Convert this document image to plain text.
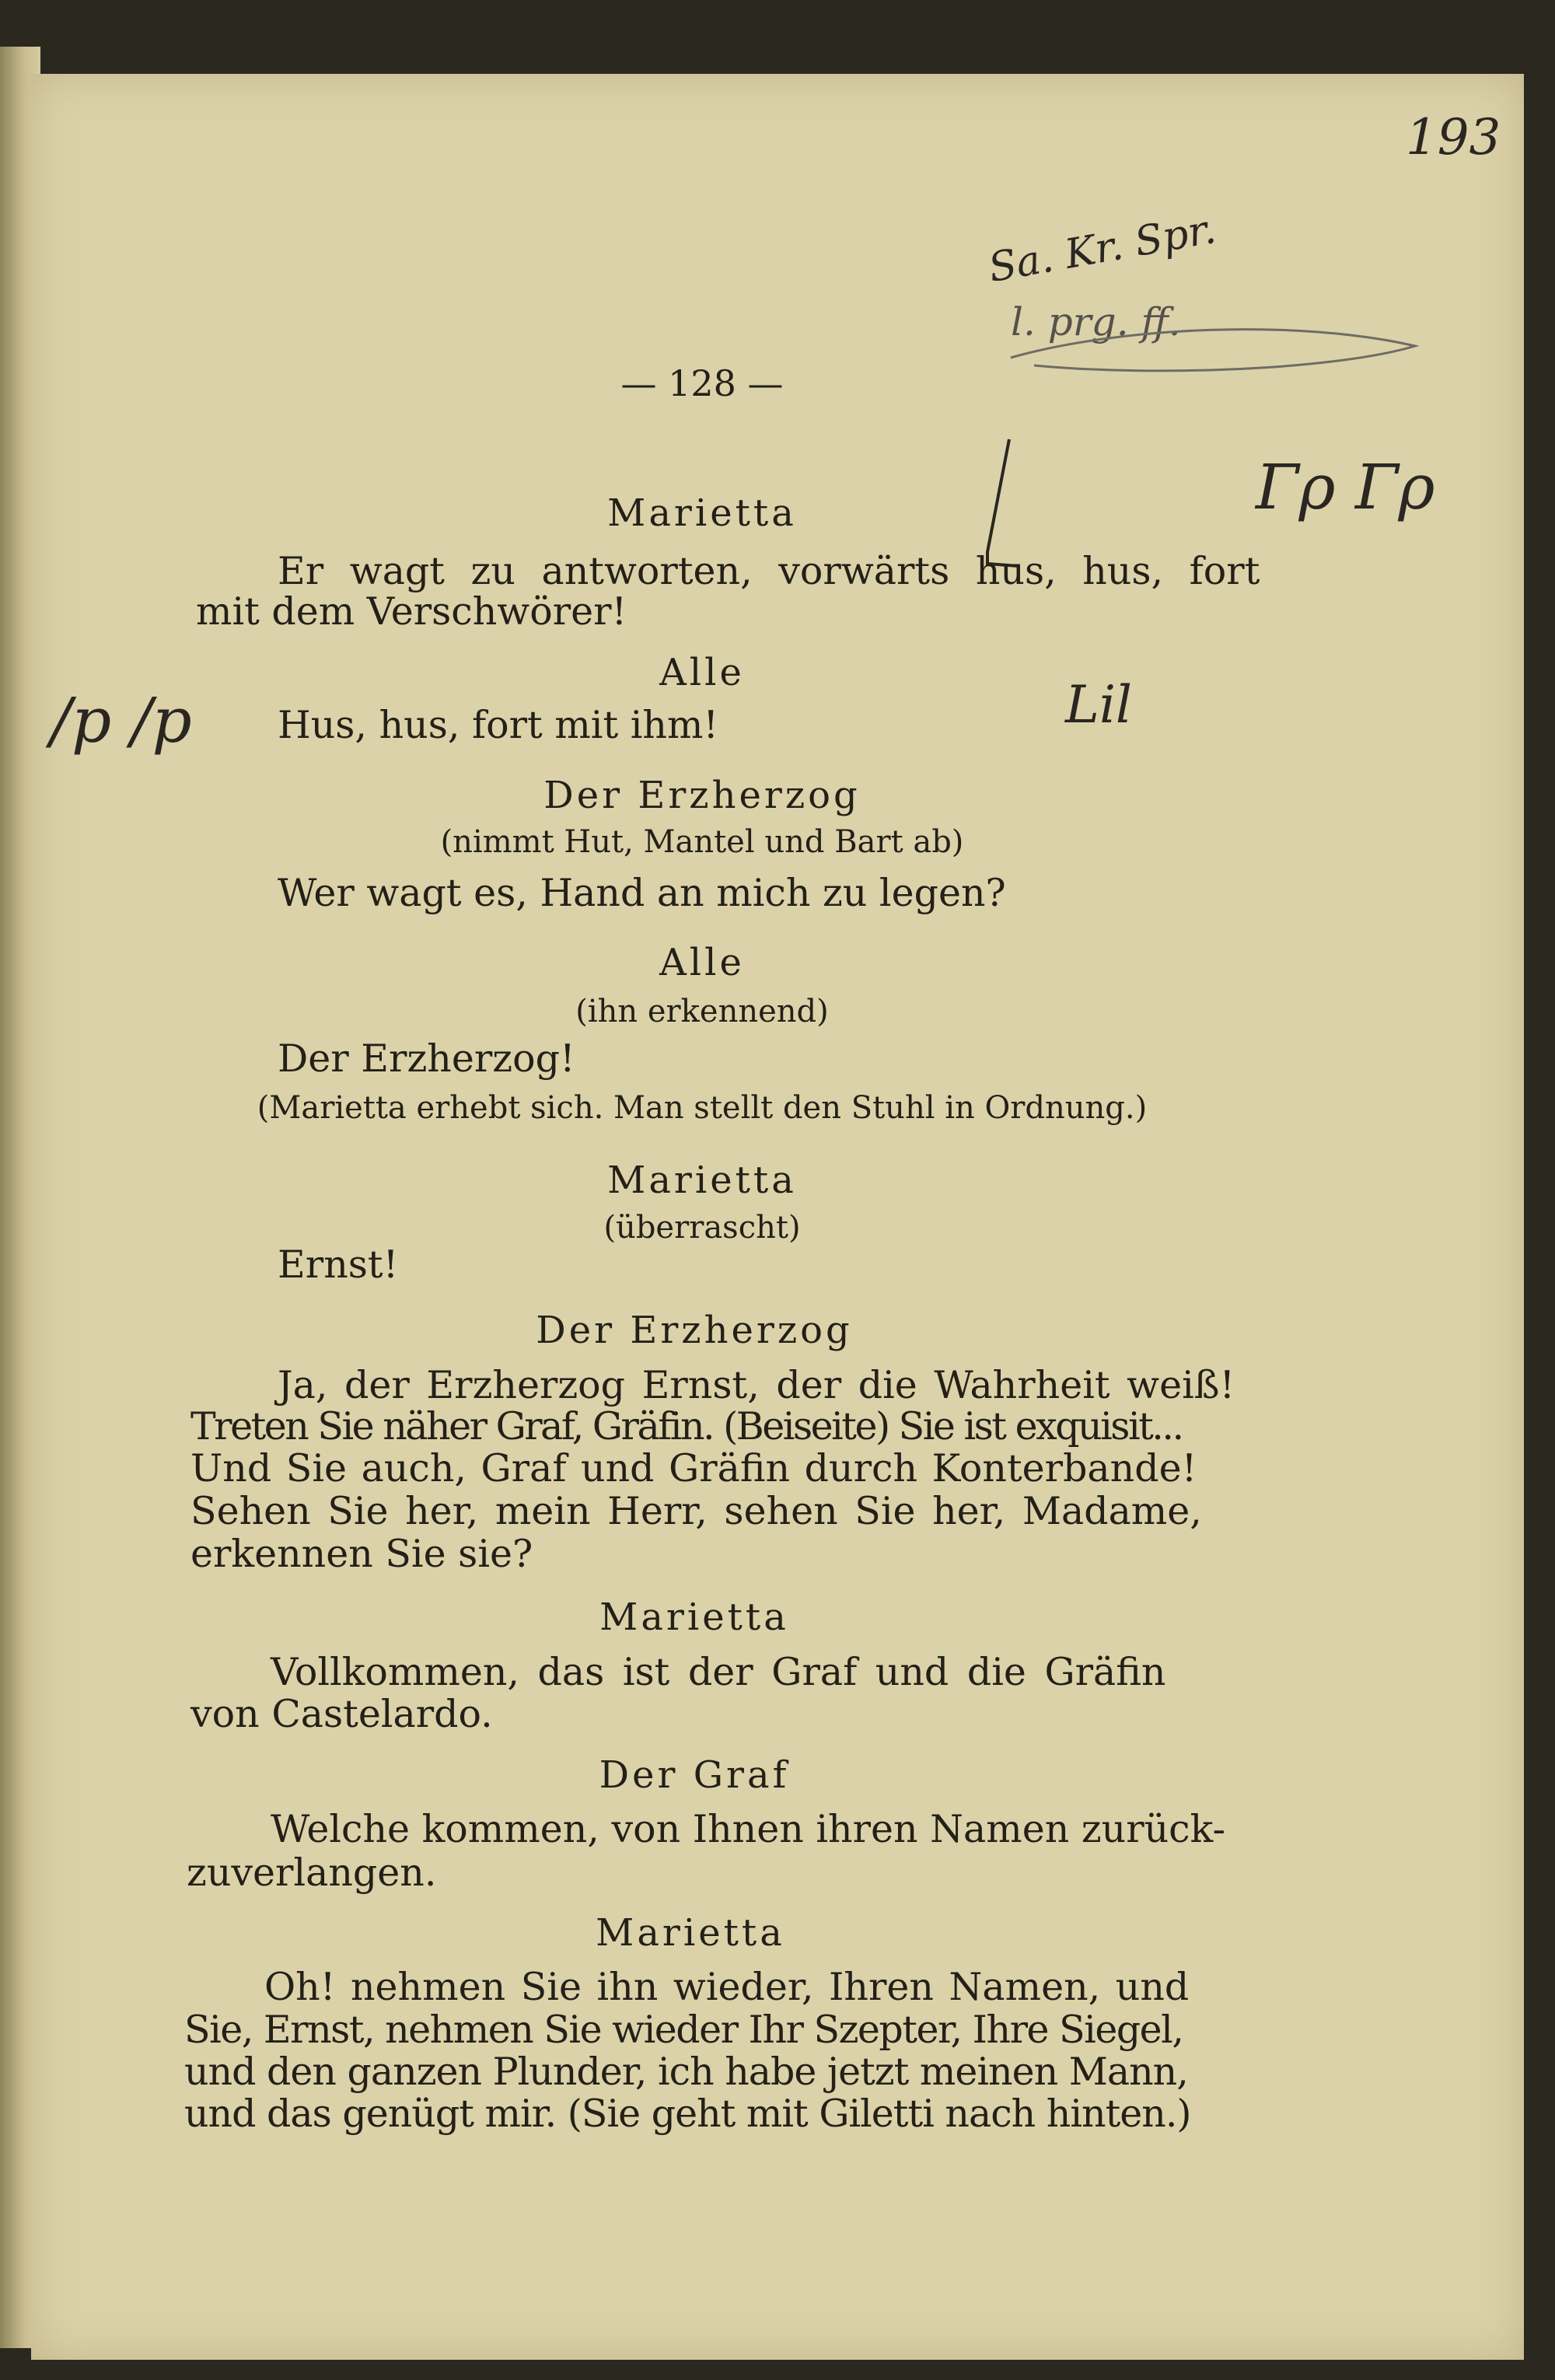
193
Sa. Kr. Spr.
l. prg. ff.
— 128 —
Γρ Γρ
/p /p	Lil
Marietta
Er wagt zu antworten, vorwärts hus, hus, fort
mit dem Verschwörer!
Alle
Hus, hus, fort mit ihm!
Der Erzherzog
(nimmt Hut, Mantel und Bart ab)
Wer wagt es, Hand an mich zu legen?
Alle
(ihn erkennend)
Der Erzherzog!
(Marietta erhebt sich. Man stellt den Stuhl in Ordnung.)
Marietta
(überrascht)
Ernst!
Der Erzherzog
Ja, der Erzherzog Ernst, der die Wahrheit weiß!
Treten Sie näher Graf, Gräfin. (Beiseite) Sie ist exquisit...
Und Sie auch, Graf und Gräfin durch Konterbande!
Sehen Sie her, mein Herr, sehen Sie her, Madame,
erkennen Sie sie?
Marietta
Vollkommen, das ist der Graf und die Gräfin
von Castelardo.
Der Graf
Welche kommen, von Ihnen ihren Namen zurück-
zuverlangen.
Marietta
Oh! nehmen Sie ihn wieder, Ihren Namen, und
Sie, Ernst, nehmen Sie wieder Ihr Szepter, Ihre Siegel,
und den ganzen Plunder, ich habe jetzt meinen Mann,
und das genügt mir. (Sie geht mit Giletti nach hinten.)
